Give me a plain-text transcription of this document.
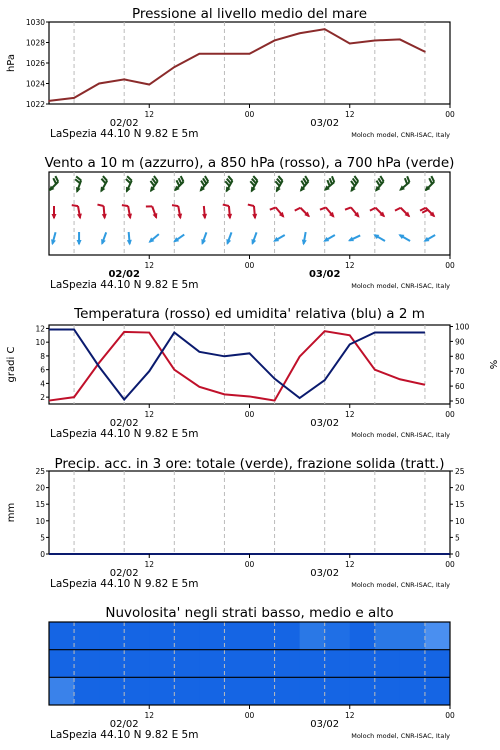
Pressione al livello medio del mare
1022
1024
1026
1028
1030
hPa
12	00	12	00
02/02	03/02
LaSpezia 44.10 N 9.82 E 5m	Moloch model, CNR-ISAC, Italy
Vento a 10 m (azzurro), a 850 hPa (rosso), a 700 hPa (verde)
12	00	12	00
02/02	03/02
LaSpezia 44.10 N 9.82 E 5m	Moloch model, CNR-ISAC, Italy
Temperatura (rosso) ed umidita' relativa (blu) a 2 m
2
4
6
8
10
12
50
60
70
80
90
100
gradi C	%
12	00	12	00
02/02	03/02
LaSpezia 44.10 N 9.82 E 5m	Moloch model, CNR-ISAC, Italy
Precip. acc. in 3 ore: totale (verde), frazione solida (tratt.)
0	0
5	5
10	10
15	15
20	20
25	25
mm
12	00	12	00
02/02	03/02
LaSpezia 44.10 N 9.82 E 5m	Moloch model, CNR-ISAC, Italy
Nuvolosita' negli strati basso, medio e alto
12	00	12	00
02/02	03/02
LaSpezia 44.10 N 9.82 E 5m	Moloch model, CNR-ISAC, Italy
